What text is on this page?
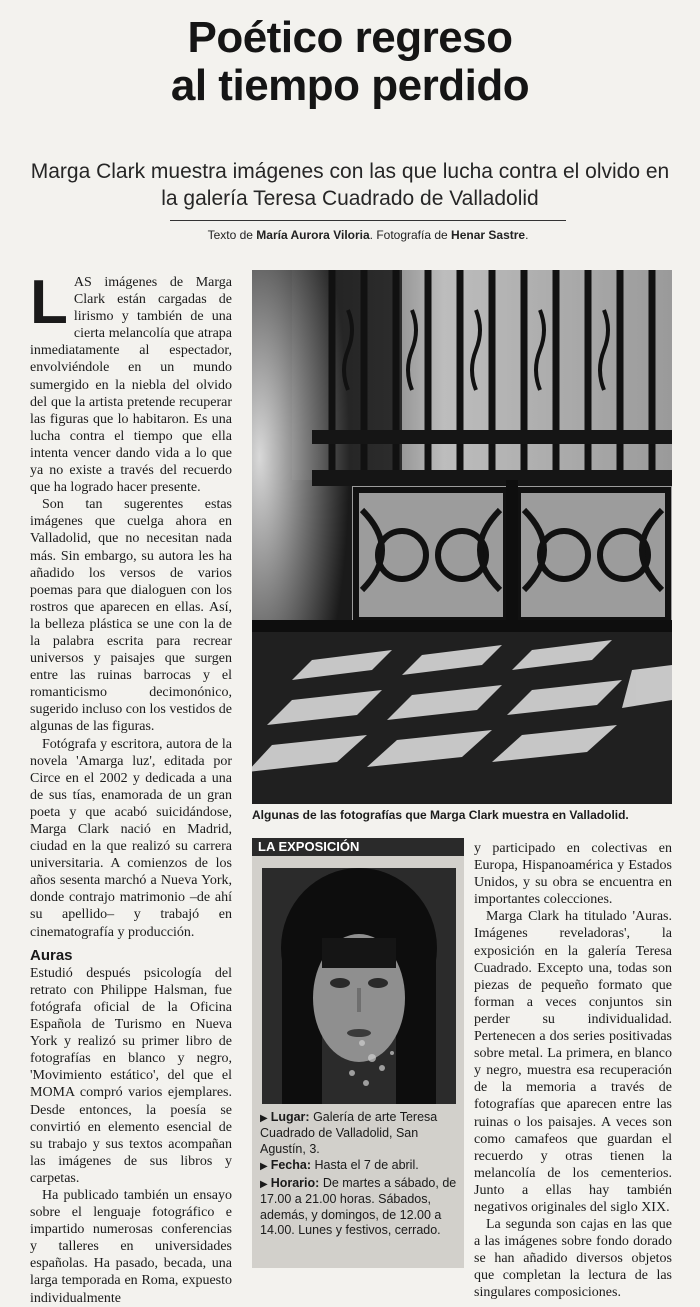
Poético regreso
al tiempo perdido
Marga Clark muestra imágenes con las que lucha contra el olvido en la galería Teresa Cuadrado de Valladolid
Texto de María Aurora Viloria. Fotografía de Henar Sastre.

LAS imágenes de Marga Clark están cargadas de lirismo y también de una cierta melancolía que atrapa inmediatamente al espectador, envolviéndole en un mundo sumergido en la niebla del olvido del que la artista pretende recuperar las figuras que lo habitaron. Es una lucha contra el tiempo que ella intenta vencer dando vida a lo que ya no existe a través del recuerdo que ha logrado hacer presente.

Son tan sugerentes estas imágenes que cuelga ahora en Valladolid, que no necesitan nada más. Sin embargo, su autora les ha añadido los versos de varios poemas para que dialoguen con los rostros que aparecen en ellas. Así, la belleza plástica se une con la de la palabra escrita para recrear universos y paisajes que surgen entre las ruinas barrocas y el romanticismo decimonónico, sugerido incluso con los vestidos de algunas de las figuras.

Fotógrafa y escritora, autora de la novela 'Amarga luz', editada por Circe en el 2002 y dedicada a una de sus tías, enamorada de un gran poeta y que acabó suicidándose, Marga Clark nació en Madrid, ciudad en la que realizó su carrera universitaria. A comienzos de los años sesenta marchó a Nueva York, donde contrajo matrimonio –de ahí su apellido– y trabajó en cinematografía y producción.

Auras

Estudió después psicología del retrato con Philippe Halsman, fue fotógrafa oficial de la Oficina Española de Turismo en Nueva York y realizó su primer libro de fotografías en blanco y negro, 'Movimiento estático', del que el MOMA compró varios ejemplares. Desde entonces, la poesía se convirtió en elemento esencial de su trabajo y sus textos acompañan las imágenes de sus libros y carpetas.

Ha publicado también un ensayo sobre el lenguaje fotográfico e impartido numerosas conferencias y talleres en universidades españolas. Ha pasado, becada, una larga temporada en Roma, expuesto individualmente

Algunas de las fotografías que Marga Clark muestra en Valladolid.
LA EXPOSICIÓN
▶ Lugar: Galería de arte Teresa Cuadrado de Valladolid, San Agustín, 3.
▶ Fecha: Hasta el 7 de abril.
▶ Horario: De martes a sábado, de 17.00 a 21.00 horas. Sábados, además, y domingos, de 12.00 a 14.00. Lunes y festivos, cerrado.

y participado en colectivas en Europa, Hispanoamérica y Estados Unidos, y su obra se encuentra en importantes colecciones.

Marga Clark ha titulado 'Auras. Imágenes reveladoras', la exposición en la galería Teresa Cuadrado. Excepto una, todas son piezas de pequeño formato que forman a veces conjuntos sin perder su individualidad. Pertenecen a dos series positivadas sobre metal. La primera, en blanco y negro, muestra esa recuperación de la memoria a través de fotografías que aparecen entre las ruinas o los paisajes. A veces son como camafeos que guardan el recuerdo y otras tienen la melancolía de los cementerios. Junto a ellas hay también negativos originales del siglo XIX.

La segunda son cajas en las que a las imágenes sobre fondo dorado se han añadido diversos objetos que completan la lectura de las singulares composiciones.
